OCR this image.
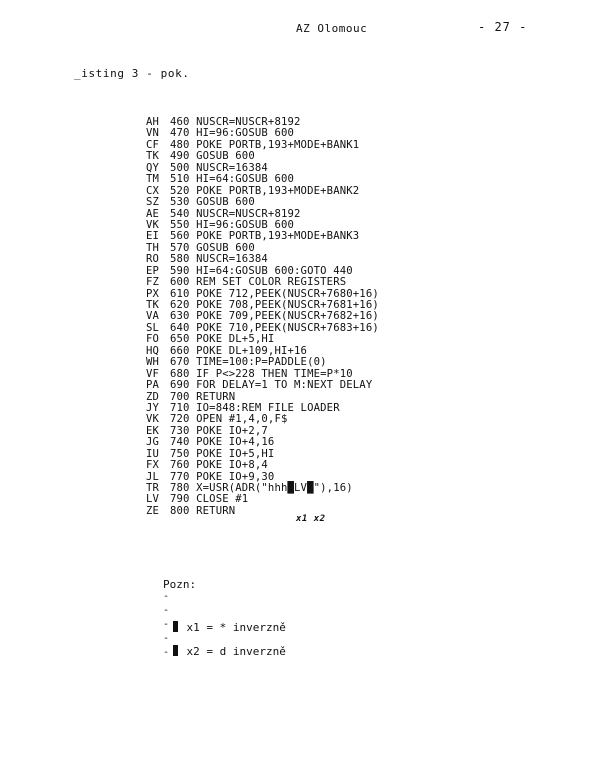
AZ Olomouc	- 27 -
_isting 3 - pok.
AH 460 NUSCR=NUSCR+8192
VN 470 HI=96:GOSUB 600
CF 480 POKE PORTB,193+MODE+BANK1
TK 490 GOSUB 600
QY 500 NUSCR=16384
TM 510 HI=64:GOSUB 600
CX 520 POKE PORTB,193+MODE+BANK2
SZ 530 GOSUB 600
AE 540 NUSCR=NUSCR+8192
VK 550 HI=96:GOSUB 600
EI 560 POKE PORTB,193+MODE+BANK3
TH 570 GOSUB 600
RO 580 NUSCR=16384
EP 590 HI=64:GOSUB 600:GOTO 440
FZ 600 REM SET COLOR REGISTERS
PX 610 POKE 712,PEEK(NUSCR+7680+16)
TK 620 POKE 708,PEEK(NUSCR+7681+16)
VA 630 POKE 709,PEEK(NUSCR+7682+16)
SL 640 POKE 710,PEEK(NUSCR+7683+16)
FO 650 POKE DL+5,HI
HQ 660 POKE DL+109,HI+16
WH 670 TIME=100:P=PADDLE(0)
VF 680 IF P<>228 THEN TIME=P*10
PA 690 FOR DELAY=1 TO M:NEXT DELAY
ZD 700 RETURN
JY 710 IO=848:REM FILE LOADER
VK 720 OPEN #1,4,0,F$
EK 730 POKE IO+2,7
JG 740 POKE IO+4,16
IU 750 POKE IO+5,HI
FX 760 POKE IO+8,4
JL 770 POKE IO+9,30
TR 780 X=USR(ADR("hhh█LV█"),16)
LV 790 CLOSE #1
ZE 800 RETURN
x1 x2
Pozn:
-----

x1 = * inverzně

x2 = d inverzně
